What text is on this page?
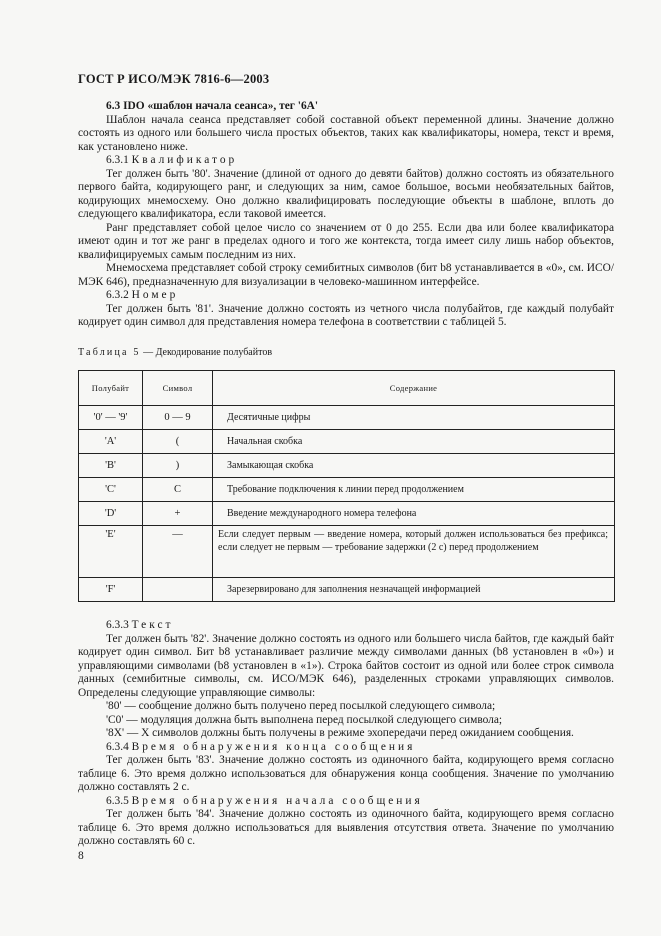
ГОСТ Р ИСО/МЭК 7816-6—2003
6.3 IDO «шаблон начала сеанса», тег '6A'

Шаблон начала сеанса представляет собой составной объект переменной длины. Значение должно состоять из одного или большего числа простых объектов, таких как квалификаторы, номера, текст и время, как установлено ниже.

6.3.1 Квалификатор

Тег должен быть '80'. Значение (длиной от одного до девяти байтов) должно состоять из обязательного первого байта, кодирующего ранг, и следующих за ним, самое большое, восьми необязательных байтов, кодирующих мнемосхему. Оно должно квалифицировать последующие объекты в шаблоне, вплоть до следующего квалификатора, если таковой имеется.

Ранг представляет собой целое число со значением от 0 до 255. Если два или более квалификатора имеют один и тот же ранг в пределах одного и того же контекста, тогда имеет силу лишь набор объектов, квалифицируемых самым последним из них.

Мнемосхема представляет собой строку семибитных символов (бит b8 устанавливается в «0», см. ИСО/МЭК 646), предназначенную для визуализации в человеко-машинном интерфейсе.

6.3.2 Номер

Тег должен быть '81'. Значение должно состоять из четного числа полубайтов, где каждый полубайт кодирует один символ для представления номера телефона в соответствии с таблицей 5.

Таблица 5 — Декодирование полубайтов
Полубайт	Символ	Содержание
'0' — '9'	0 — 9	Десятичные цифры
'A'	(	Начальная скобка
'B'	)	Замыкающая скобка
'C'	C	Требование подключения к линии перед продолжением
'D'	+	Введение международного номера телефона
'E'	—	Если следует первым — введение номера, который должен использоваться без префикса; если следует не первым — требование задержки (2 с) перед продолжением
'F'		Зарезервировано для заполнения незначащей информацией
6.3.3 Текст

Тег должен быть '82'. Значение должно состоять из одного или большего числа байтов, где каждый байт кодирует один символ. Бит b8 устанавливает различие между символами данных (b8 установлен в «0») и управляющими символами (b8 установлен в «1»). Строка байтов состоит из одной или более строк символа данных (семибитные символы, см. ИСО/МЭК 646), разделенных строками управляющих символов. Определены следующие управляющие символы:

'80' — сообщение должно быть получено перед посылкой следующего символа;

'C0' — модуляция должна быть выполнена перед посылкой следующего символа;

'8X' — X символов должны быть получены в режиме эхопередачи перед ожиданием сообщения.

6.3.4 Время обнаружения конца сообщения

Тег должен быть '83'. Значение должно состоять из одиночного байта, кодирующего время согласно таблице 6. Это время должно использоваться для обнаружения конца сообщения. Значение по умолчанию должно составлять 2 с.

6.3.5 Время обнаружения начала сообщения

Тег должен быть '84'. Значение должно состоять из одиночного байта, кодирующего время согласно таблице 6. Это время должно использоваться для выявления отсутствия ответа. Значение по умолчанию должно составлять 60 с.

8
